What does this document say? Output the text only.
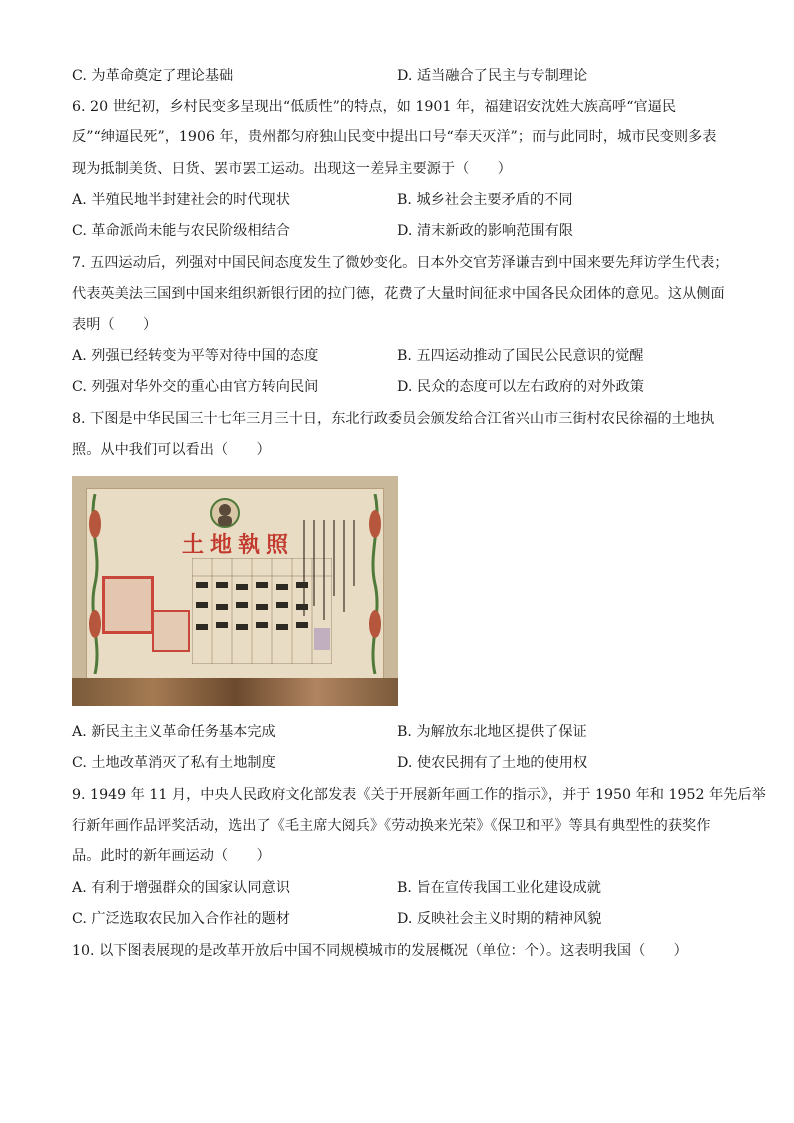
C. 为革命奠定了理论基础	D. 适当融合了民主与专制理论
6. 20 世纪初，乡村民变多呈现出“低质性”的特点，如 1901 年，福建诏安沈姓大族高呼“官逼民
反”“绅逼民死”，1906 年，贵州都匀府独山民变中提出口号“奉天灭洋”；而与此同时，城市民变则多表
现为抵制美货、日货、罢市罢工运动。出现这一差异主要源于（　　）
A. 半殖民地半封建社会的时代现状	B. 城乡社会主要矛盾的不同
C. 革命派尚未能与农民阶级相结合	D. 清末新政的影响范围有限
7. 五四运动后，列强对中国民间态度发生了微妙变化。日本外交官芳泽谦吉到中国来要先拜访学生代表；
代表英美法三国到中国来组织新银行团的拉门德，花费了大量时间征求中国各民众团体的意见。这从侧面
表明（　　）
A. 列强已经转变为平等对待中国的态度	B. 五四运动推动了国民公民意识的觉醒
C. 列强对华外交的重心由官方转向民间	D. 民众的态度可以左右政府的对外政策
8. 下图是中华民国三十七年三月三十日，东北行政委员会颁发给合江省兴山市三街村农民徐福的土地执
照。从中我们可以看出（　　）
土地執照
A. 新民主主义革命任务基本完成	B. 为解放东北地区提供了保证
C. 土地改革消灭了私有土地制度	D. 使农民拥有了土地的使用权
9. 1949 年 11 月，中央人民政府文化部发表《关于开展新年画工作的指示》，并于 1950 年和 1952 年先后举
行新年画作品评奖活动，选出了《毛主席大阅兵》《劳动换来光荣》《保卫和平》等具有典型性的获奖作
品。此时的新年画运动（　　）
A. 有利于增强群众的国家认同意识	B. 旨在宣传我国工业化建设成就
C. 广泛选取农民加入合作社的题材	D. 反映社会主义时期的精神风貌
10. 以下图表展现的是改革开放后中国不同规模城市的发展概况（单位：个）。这表明我国（　　）
